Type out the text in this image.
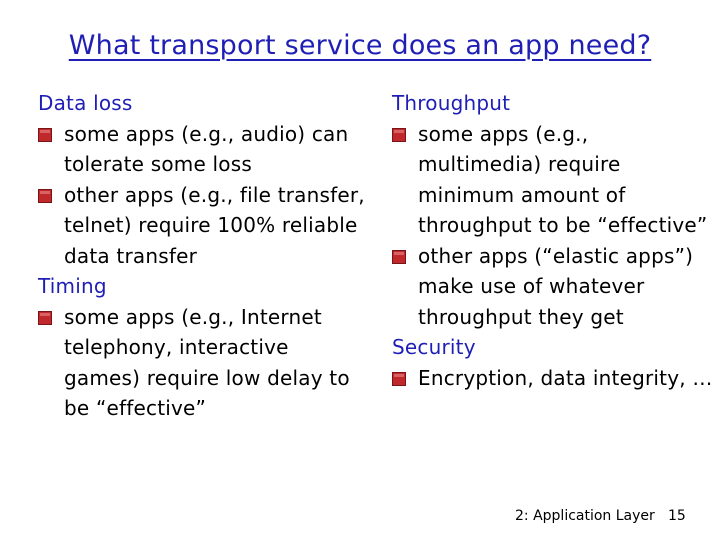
What transport service does an app need?
Data loss
some apps (e.g., audio) can tolerate some loss
other apps (e.g., file transfer, telnet) require 100% reliable data transfer
Timing
some apps (e.g., Internet telephony, interactive games) require low delay to be “effective”
Throughput
some apps (e.g., multimedia) require minimum amount of throughput to be “effective”
other apps (“elastic apps”) make use of whatever throughput they get
Security
Encryption, data integrity, …
2: Application Layer 15
